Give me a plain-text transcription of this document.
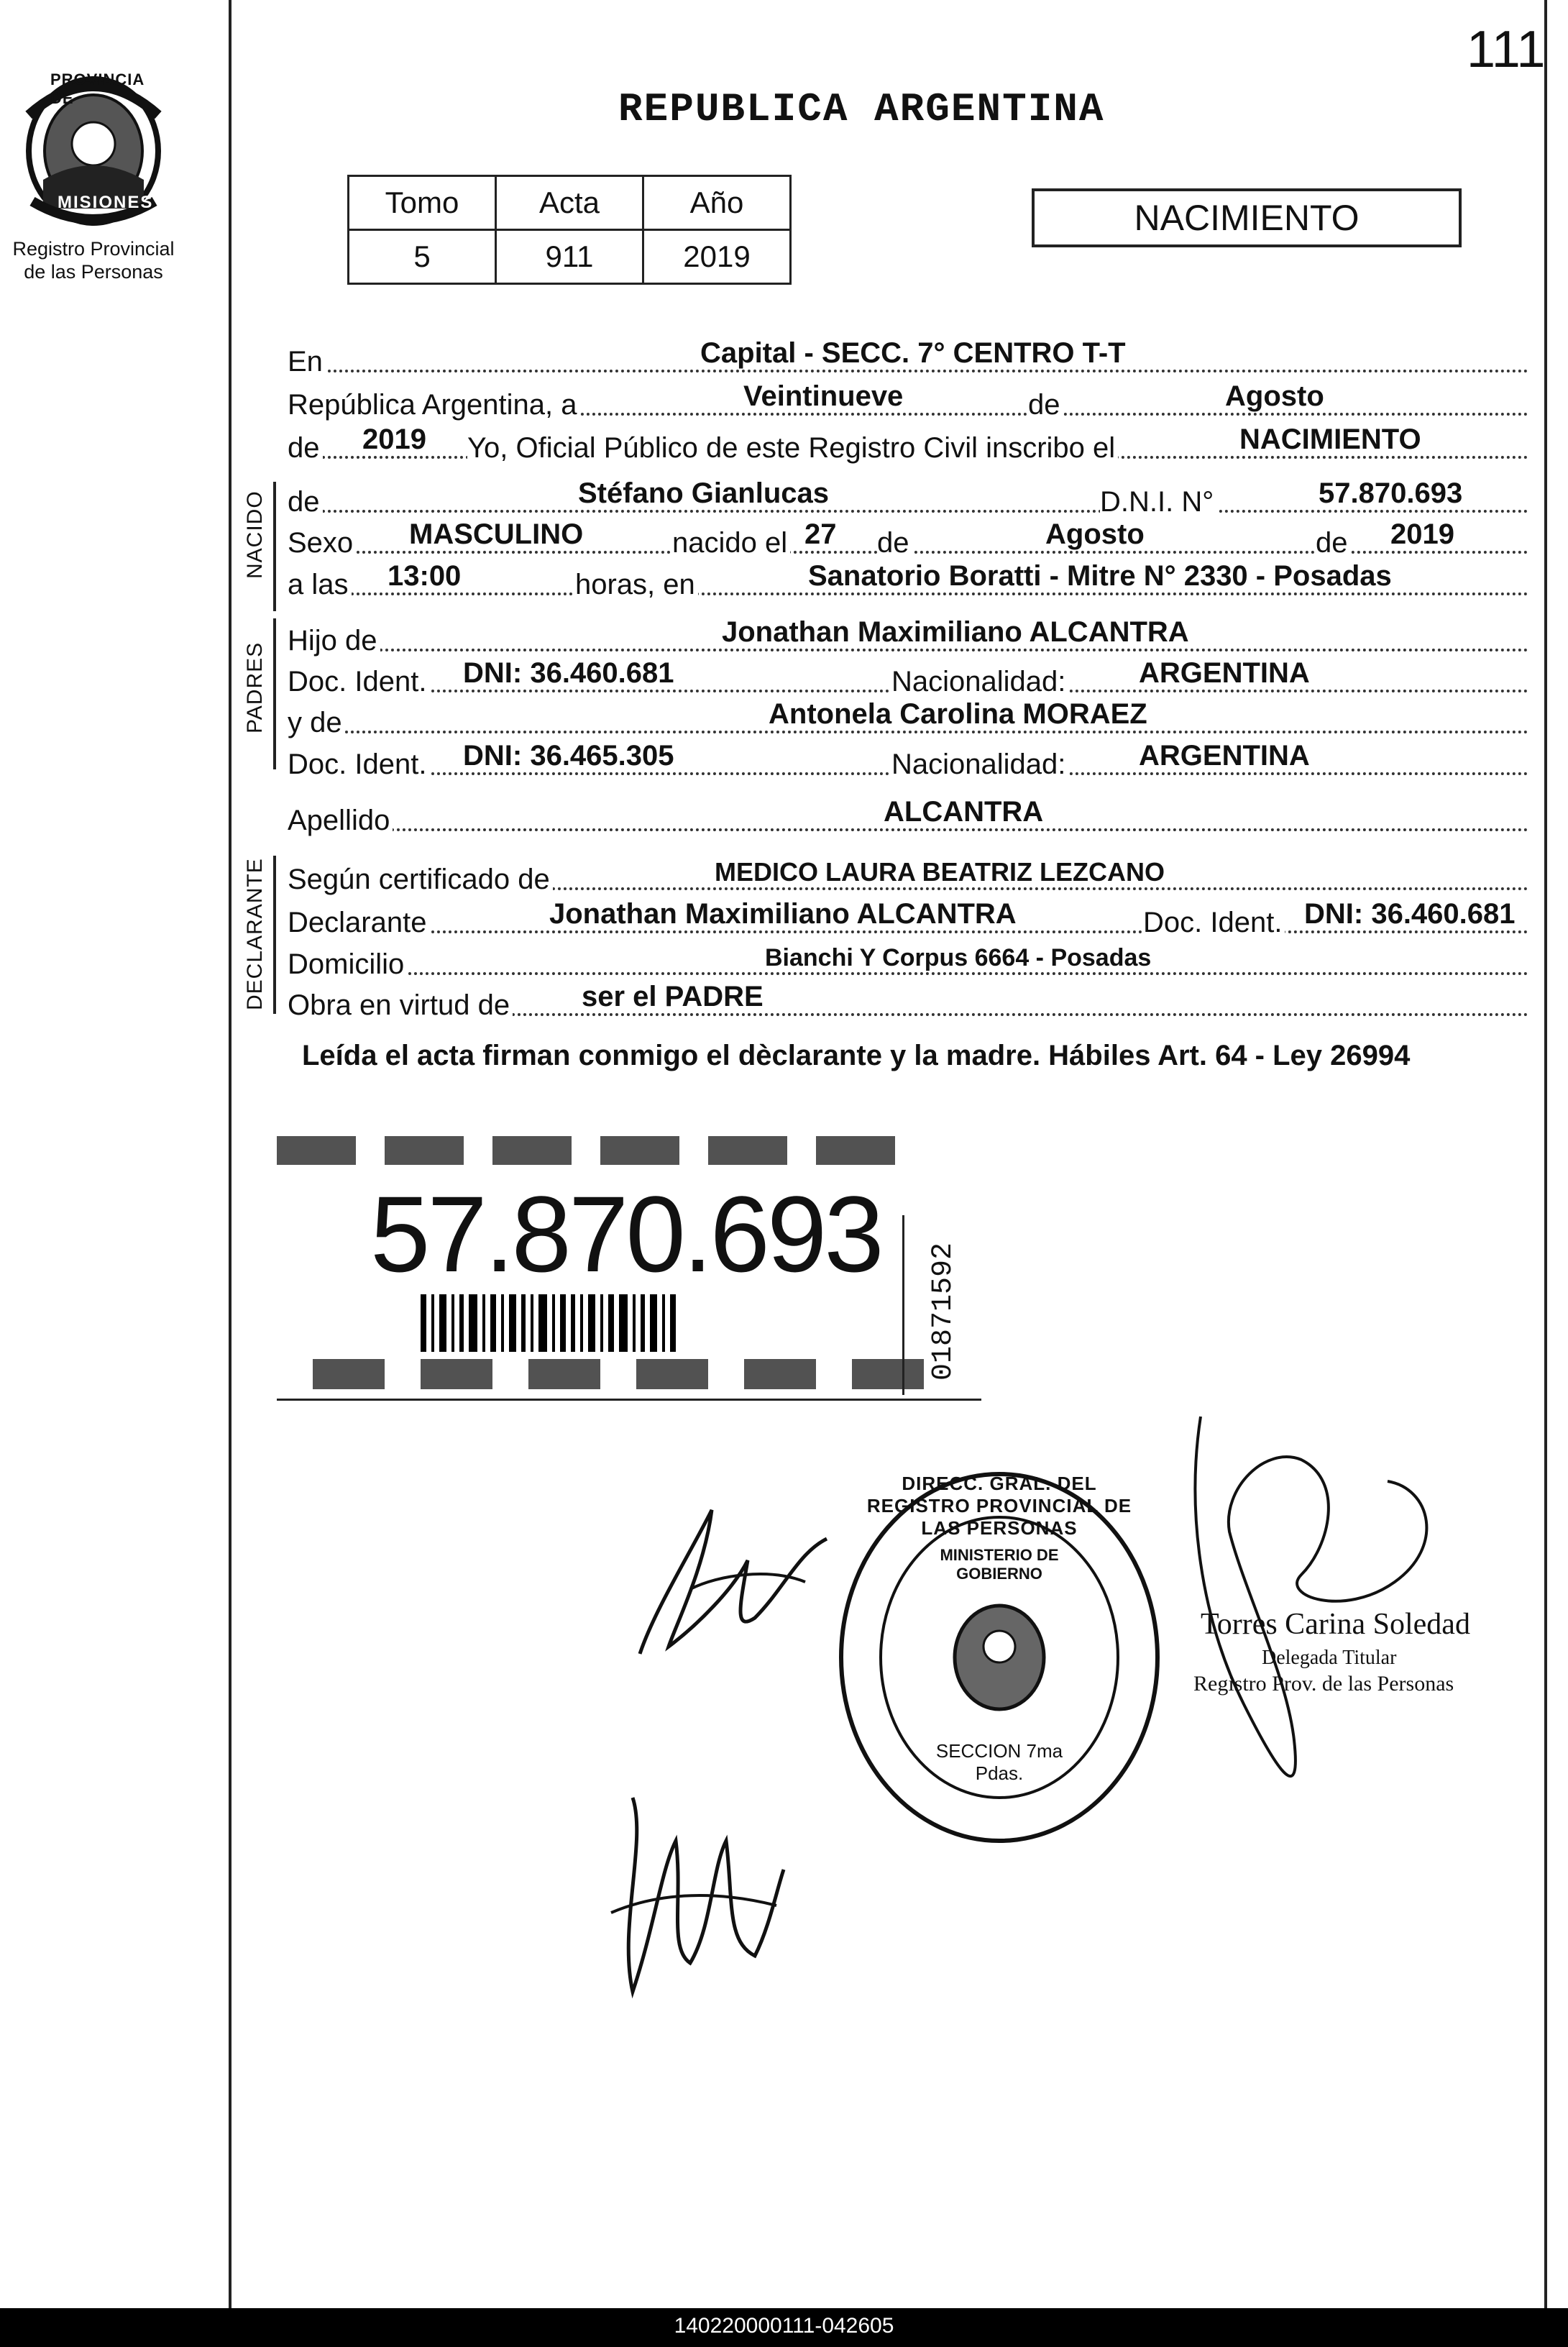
111
PROVINCIA DE
MISIONES
Registro Provincial
de las Personas
REPUBLICA ARGENTINA
Tomo	Acta	Año
5	911	2019
NACIMIENTO
En	Capital - SECC. 7° CENTRO T-T
República Argentina, a	Veintinueve	de	Agosto
de 2019 Yo, Oficial Público de este Registro Civil inscribo el	NACIMIENTO
NACIDO de	Stéfano Gianlucas	D.N.I. N°	57.870.693
Sexo MASCULINO	nacido el 27 de	Agosto	de 2019
a las 13:00	horas, en	Sanatorio Boratti - Mitre N° 2330 - Posadas
PADRES
Hijo de	Jonathan Maximiliano ALCANTRA
Doc. Ident. DNI: 36.460.681	Nacionalidad:	ARGENTINA
y de	Antonela Carolina MORAEZ
Doc. Ident. DNI: 36.465.305	Nacionalidad:	ARGENTINA
Apellido	ALCANTRA
DECLARANTE Según certificado de	MEDICO LAURA BEATRIZ LEZCANO
Declarante	Jonathan Maximiliano ALCANTRA	Doc. Ident. DNI: 36.460.681
Domicilio	Bianchi Y Corpus 6664 - Posadas
Obra en virtud de ser el PADRE
Leída el acta firman conmigo el dèclarante y la madre. Hábiles Art. 64 - Ley 26994
57.870.693
01871592
Torres Carina Soledad
Delegada Titular
Registro Prov. de las Personas
DIRECC. GRAL. DEL REGISTRO PROVINCIAL DE LAS PERSONAS
MINISTERIO DE GOBIERNO
SECCION 7ma Pdas.
140220000111-042605
